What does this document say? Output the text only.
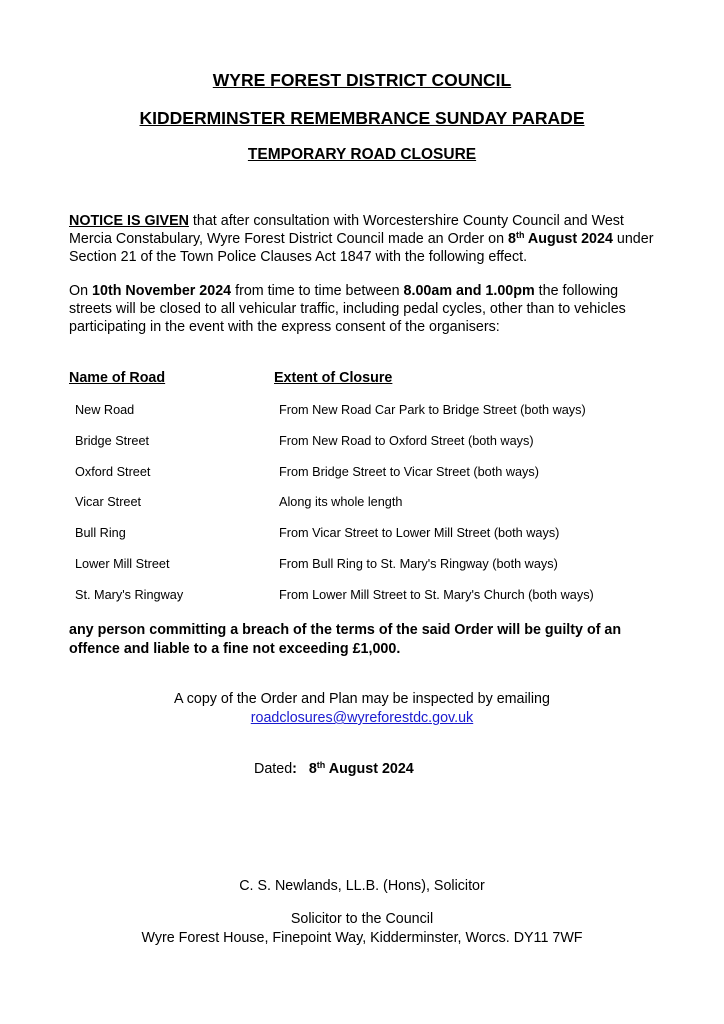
WYRE FOREST DISTRICT COUNCIL
KIDDERMINSTER REMEMBRANCE SUNDAY PARADE
TEMPORARY ROAD CLOSURE
NOTICE IS GIVEN that after consultation with Worcestershire County Council and West Mercia Constabulary, Wyre Forest District Council made an Order on 8th August 2024 under Section 21 of the Town Police Clauses Act 1847 with the following effect.
On 10th November 2024 from time to time between 8.00am and 1.00pm the following streets will be closed to all vehicular traffic, including pedal cycles, other than to vehicles participating in the event with the express consent of the organisers:
Name of Road	Extent of Closure
New Road	From New Road Car Park to Bridge Street (both ways)
Bridge Street	From New Road to Oxford Street (both ways)
Oxford Street	From Bridge Street to Vicar Street (both ways)
Vicar Street	Along its whole length
Bull Ring	From Vicar Street to Lower Mill Street (both ways)
Lower Mill Street	From Bull Ring to St. Mary's Ringway (both ways)
St. Mary's Ringway	From Lower Mill Street to St. Mary's Church (both ways)
any person committing a breach of the terms of the said Order will be guilty of an offence and liable to a fine not exceeding £1,000.
A copy of the Order and Plan may be inspected by emailing
roadclosures@wyreforestdc.gov.uk
Dated: 8th August 2024
C. S. Newlands, LL.B. (Hons), Solicitor
Solicitor to the Council
Wyre Forest House, Finepoint Way, Kidderminster, Worcs. DY11 7WF
